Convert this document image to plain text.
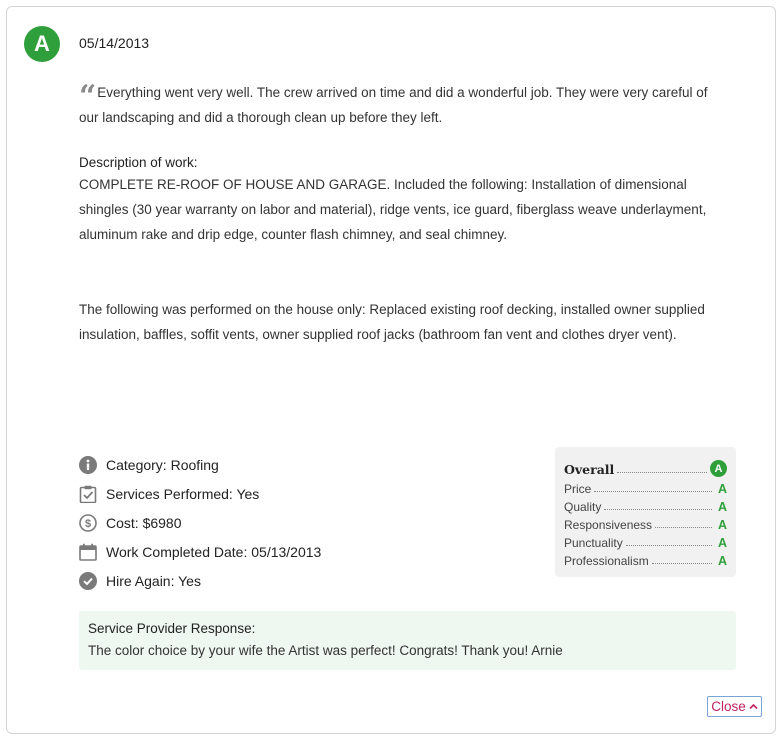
A	05/14/2013
“ Everything went very well. The crew arrived on time and did a wonderful job. They were very careful of our landscaping and did a thorough clean up before they left.
Description of work:

COMPLETE RE-ROOF OF HOUSE AND GARAGE. Included the following: Installation of dimensional shingles (30 year warranty on labor and material), ridge vents, ice guard, fiberglass weave underlayment, aluminum rake and drip edge, counter flash chimney, and seal chimney.

The following was performed on the house only: Replaced existing roof decking, installed owner supplied insulation, baffles, soffit vents, owner supplied roof jacks (bathroom fan vent and clothes dryer vent).

Category: Roofing
Services Performed: Yes
$ Cost: $6980
Work Completed Date: 05/13/2013
Hire Again: Yes
Overall	A
Price	A
Quality	A
Responsiveness	A
Punctuality	A
Professionalism	A
Service Provider Response:
The color choice by your wife the Artist was perfect! Congrats! Thank you! Arnie
Close
